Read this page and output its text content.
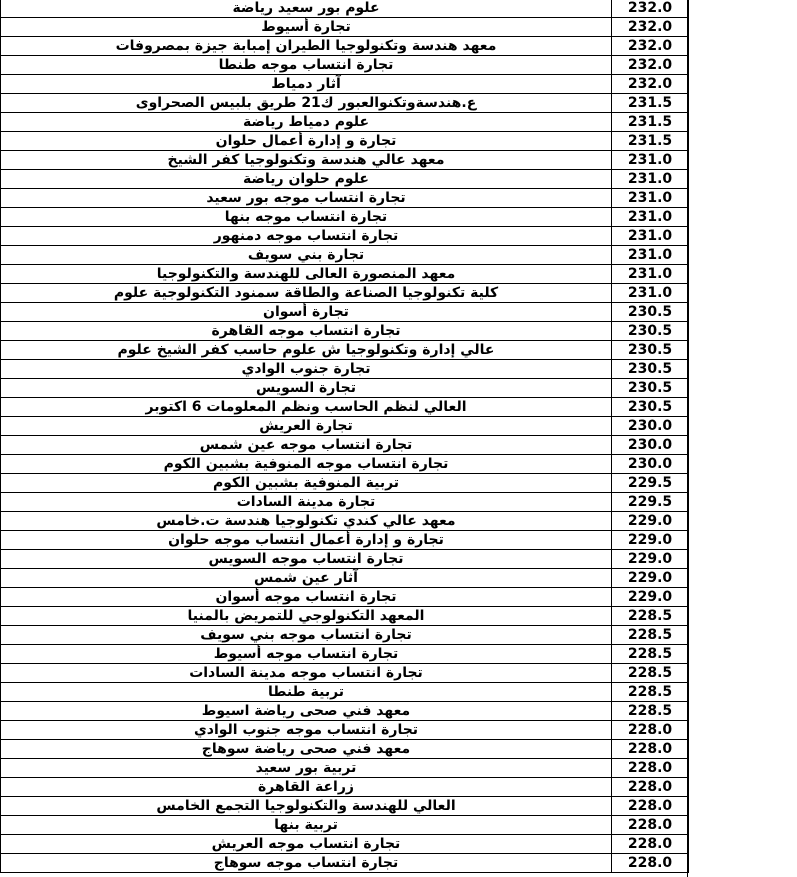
علوم بور سعيد رياضة	232.0
تجارة أسيوط	232.0
معهد هندسة وتكنولوجيا الطيران إمبابة جيزة بمصروفات	232.0
تجارة انتساب موجه طنطا	232.0
آثار دمياط	232.0
ع.هندسةوتكنوالعبور ك21 طريق بلبيس الصحراوى	231.5
علوم دمياط رياضة	231.5
تجارة و إدارة أعمال حلوان	231.5
معهد عالي هندسة وتكنولوجيا كفر الشيخ	231.0
علوم حلوان رياضة	231.0
تجارة انتساب موجه بور سعيد	231.0
تجارة انتساب موجه بنها	231.0
تجارة انتساب موجه دمنهور	231.0
تجارة بني سويف	231.0
معهد المنصورة العالى للهندسة والتكنولوجيا	231.0
كلية تكنولوجيا الصناعة والطاقة سمنود التكنولوجية علوم	231.0
تجارة أسوان	230.5
تجارة انتساب موجه القاهرة	230.5
عالي إدارة وتكنولوجيا ش علوم حاسب كفر الشيخ علوم	230.5
تجارة جنوب الوادي	230.5
تجارة السويس	230.5
العالي لنظم الحاسب ونظم المعلومات 6 اكتوبر	230.5
تجارة العريش	230.0
تجارة انتساب موجه عين شمس	230.0
تجارة انتساب موجه المنوفية بشبين الكوم	230.0
تربية المنوفية بشبين الكوم	229.5
تجارة مدينة السادات	229.5
معهد عالي كندي تكنولوجيا هندسة ت.خامس	229.0
تجارة و إدارة أعمال انتساب موجه حلوان	229.0
تجارة انتساب موجه السويس	229.0
آثار عين شمس	229.0
تجارة انتساب موجه أسوان	229.0
المعهد التكنولوجي للتمريض بالمنيا	228.5
تجارة انتساب موجه بني سويف	228.5
تجارة انتساب موجه أسيوط	228.5
تجارة انتساب موجه مدينة السادات	228.5
تربية طنطا	228.5
معهد فني صحى رياضة اسيوط	228.5
تجارة انتساب موجه جنوب الوادي	228.0
معهد فني صحى رياضة سوهاج	228.0
تربية بور سعيد	228.0
زراعة القاهرة	228.0
العالي للهندسة والتكنولوجيا التجمع الخامس	228.0
تربية بنها	228.0
تجارة انتساب موجه العريش	228.0
تجارة انتساب موجه سوهاج	228.0
